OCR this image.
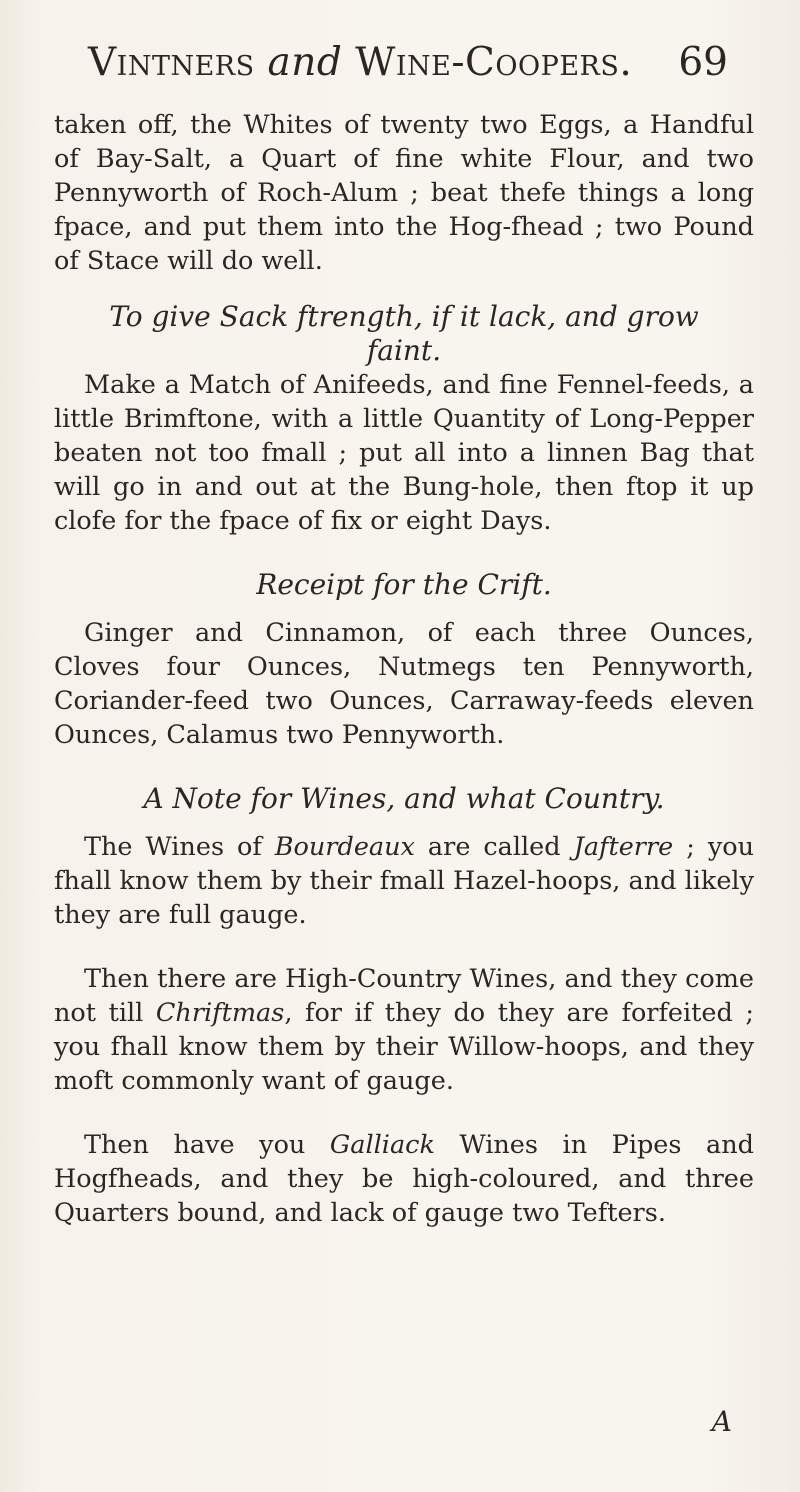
Vintners and Wine-Coopers. 69

taken off, the Whites of twenty two Eggs, a Handful of Bay-Salt, a Quart of fine white Flour, and two Pennyworth of Roch-Alum ; beat thefe things a long fpace, and put them into the Hog-fhead ; two Pound of Stace will do well.

To give Sack ftrength, if it lack, and grow

faint.

Make a Match of Anifeeds, and fine Fennel-feeds, a little Brimftone, with a little Quantity of Long-Pepper beaten not too fmall ; put all into a linnen Bag that will go in and out at the Bung-hole, then ftop it up clofe for the fpace of fix or eight Days.

Receipt for the Crift.

Ginger and Cinnamon, of each three Ounces, Cloves four Ounces, Nutmegs ten Pennyworth, Coriander-feed two Ounces, Carraway-feeds eleven Ounces, Calamus two Pennyworth.

A Note for Wines, and what Country.

The Wines of Bourdeaux are called Jafterre ; you fhall know them by their fmall Hazel-hoops, and likely they are full gauge.

Then there are High-Country Wines, and they come not till Chriftmas, for if they do they are forfeited ; you fhall know them by their Willow-hoops, and they moft commonly want of gauge.

Then have you Galliack Wines in Pipes and Hogfheads, and they be high-coloured, and three Quarters bound, and lack of gauge two Tefters.

A
